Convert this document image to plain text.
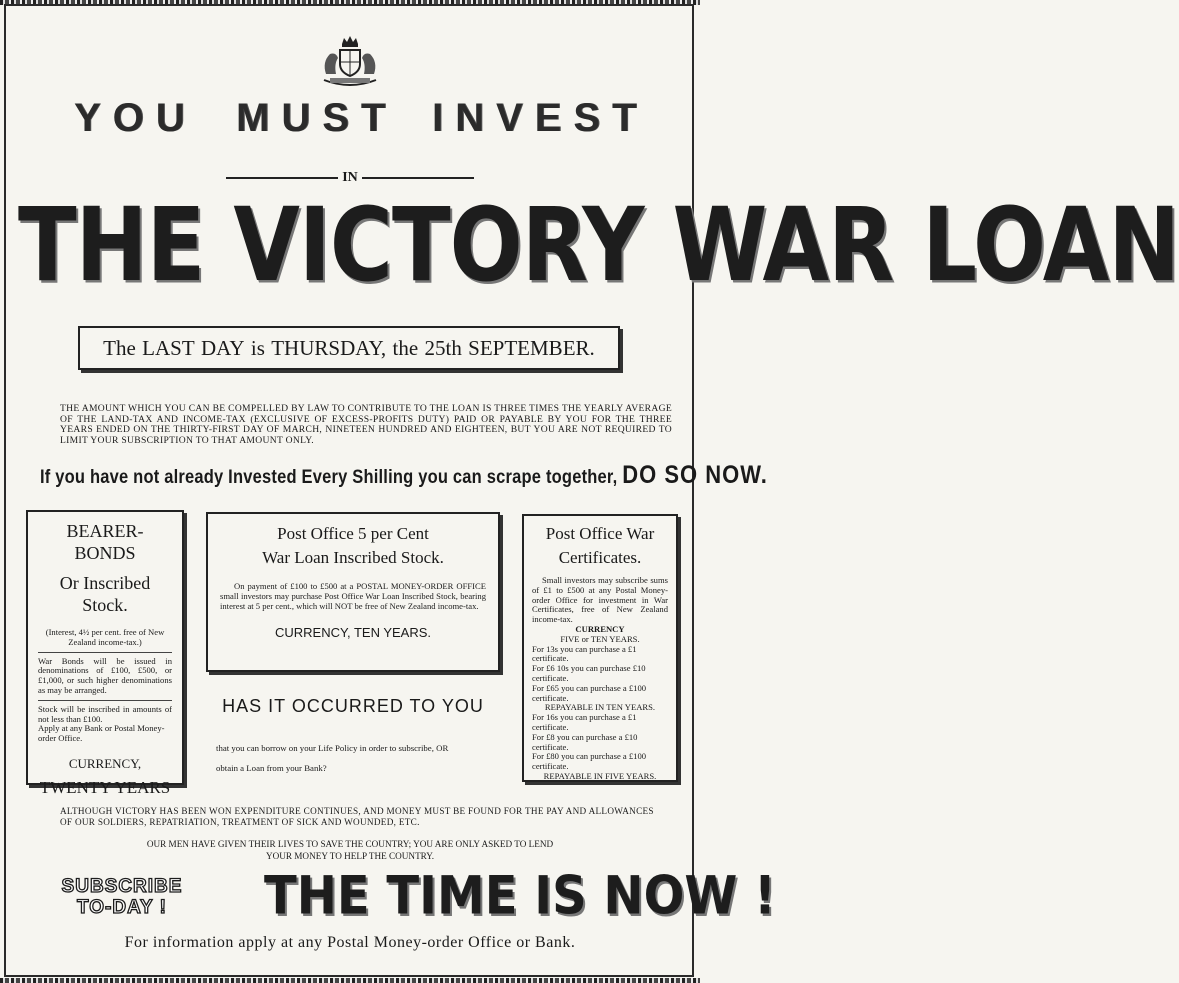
YOU MUST INVEST
IN
THE VICTORY WAR LOAN
The LAST DAY is THURSDAY, the 25th SEPTEMBER.
THE AMOUNT WHICH YOU CAN BE COMPELLED BY LAW TO CONTRIBUTE TO THE LOAN IS THREE TIMES THE YEARLY AVERAGE OF THE LAND-TAX AND INCOME-TAX (EXCLUSIVE OF EXCESS-PROFITS DUTY) PAID OR PAYABLE BY YOU FOR THE THREE YEARS ENDED ON THE THIRTY-FIRST DAY OF MARCH, NINETEEN HUNDRED AND EIGHTEEN, BUT YOU ARE NOT REQUIRED TO LIMIT YOUR SUBSCRIPTION TO THAT AMOUNT ONLY.
If you have not already Invested Every Shilling you can scrape together, DO SO NOW.
BEARER-BONDS
Or Inscribed Stock.
(Interest, 4½ per cent. free of New Zealand income-tax.)
War Bonds will be issued in denominations of £100, £500, or £1,000, or such higher denominations as may be arranged.
Stock will be inscribed in amounts of not less than £100.
Apply at any Bank or Postal Money-order Office.
CURRENCY,
TWENTY YEARS
Post Office 5 per Cent
War Loan Inscribed Stock.
On payment of £100 to £500 at a POSTAL MONEY-ORDER OFFICE small investors may purchase Post Office War Loan Inscribed Stock, bearing interest at 5 per cent., which will NOT be free of New Zealand income-tax.
CURRENCY, TEN YEARS.
HAS IT OCCURRED TO YOU
that you can borrow on your Life Policy in order to subscribe, OR
obtain a Loan from your Bank?
Post Office War
Certificates.
Small investors may subscribe sums of £1 to £500 at any Postal Money-order Office for investment in War Certificates, free of New Zealand income-tax.
CURRENCY
FIVE or TEN YEARS.
For 13s you can purchase a £1 certificate.
For £6 10s you can purchase £10 certificate.
For £65 you can purchase a £100 certificate.
REPAYABLE IN TEN YEARS.
For 16s you can purchase a £1 certificate.
For £8 you can purchase a £10 certificate.
For £80 you can purchase a £100 certificate.
REPAYABLE IN FIVE YEARS.
ALTHOUGH VICTORY HAS BEEN WON EXPENDITURE CONTINUES, AND MONEY MUST BE FOUND FOR THE PAY AND ALLOWANCES OF OUR SOLDIERS, REPATRIATION, TREATMENT OF SICK AND WOUNDED, ETC.
OUR MEN HAVE GIVEN THEIR LIVES TO SAVE THE COUNTRY; YOU ARE ONLY ASKED TO LEND
YOUR MONEY TO HELP THE COUNTRY.
SUBSCRIBE
TO-DAY !	THE TIME IS NOW !
For information apply at any Postal Money-order Office or Bank.
